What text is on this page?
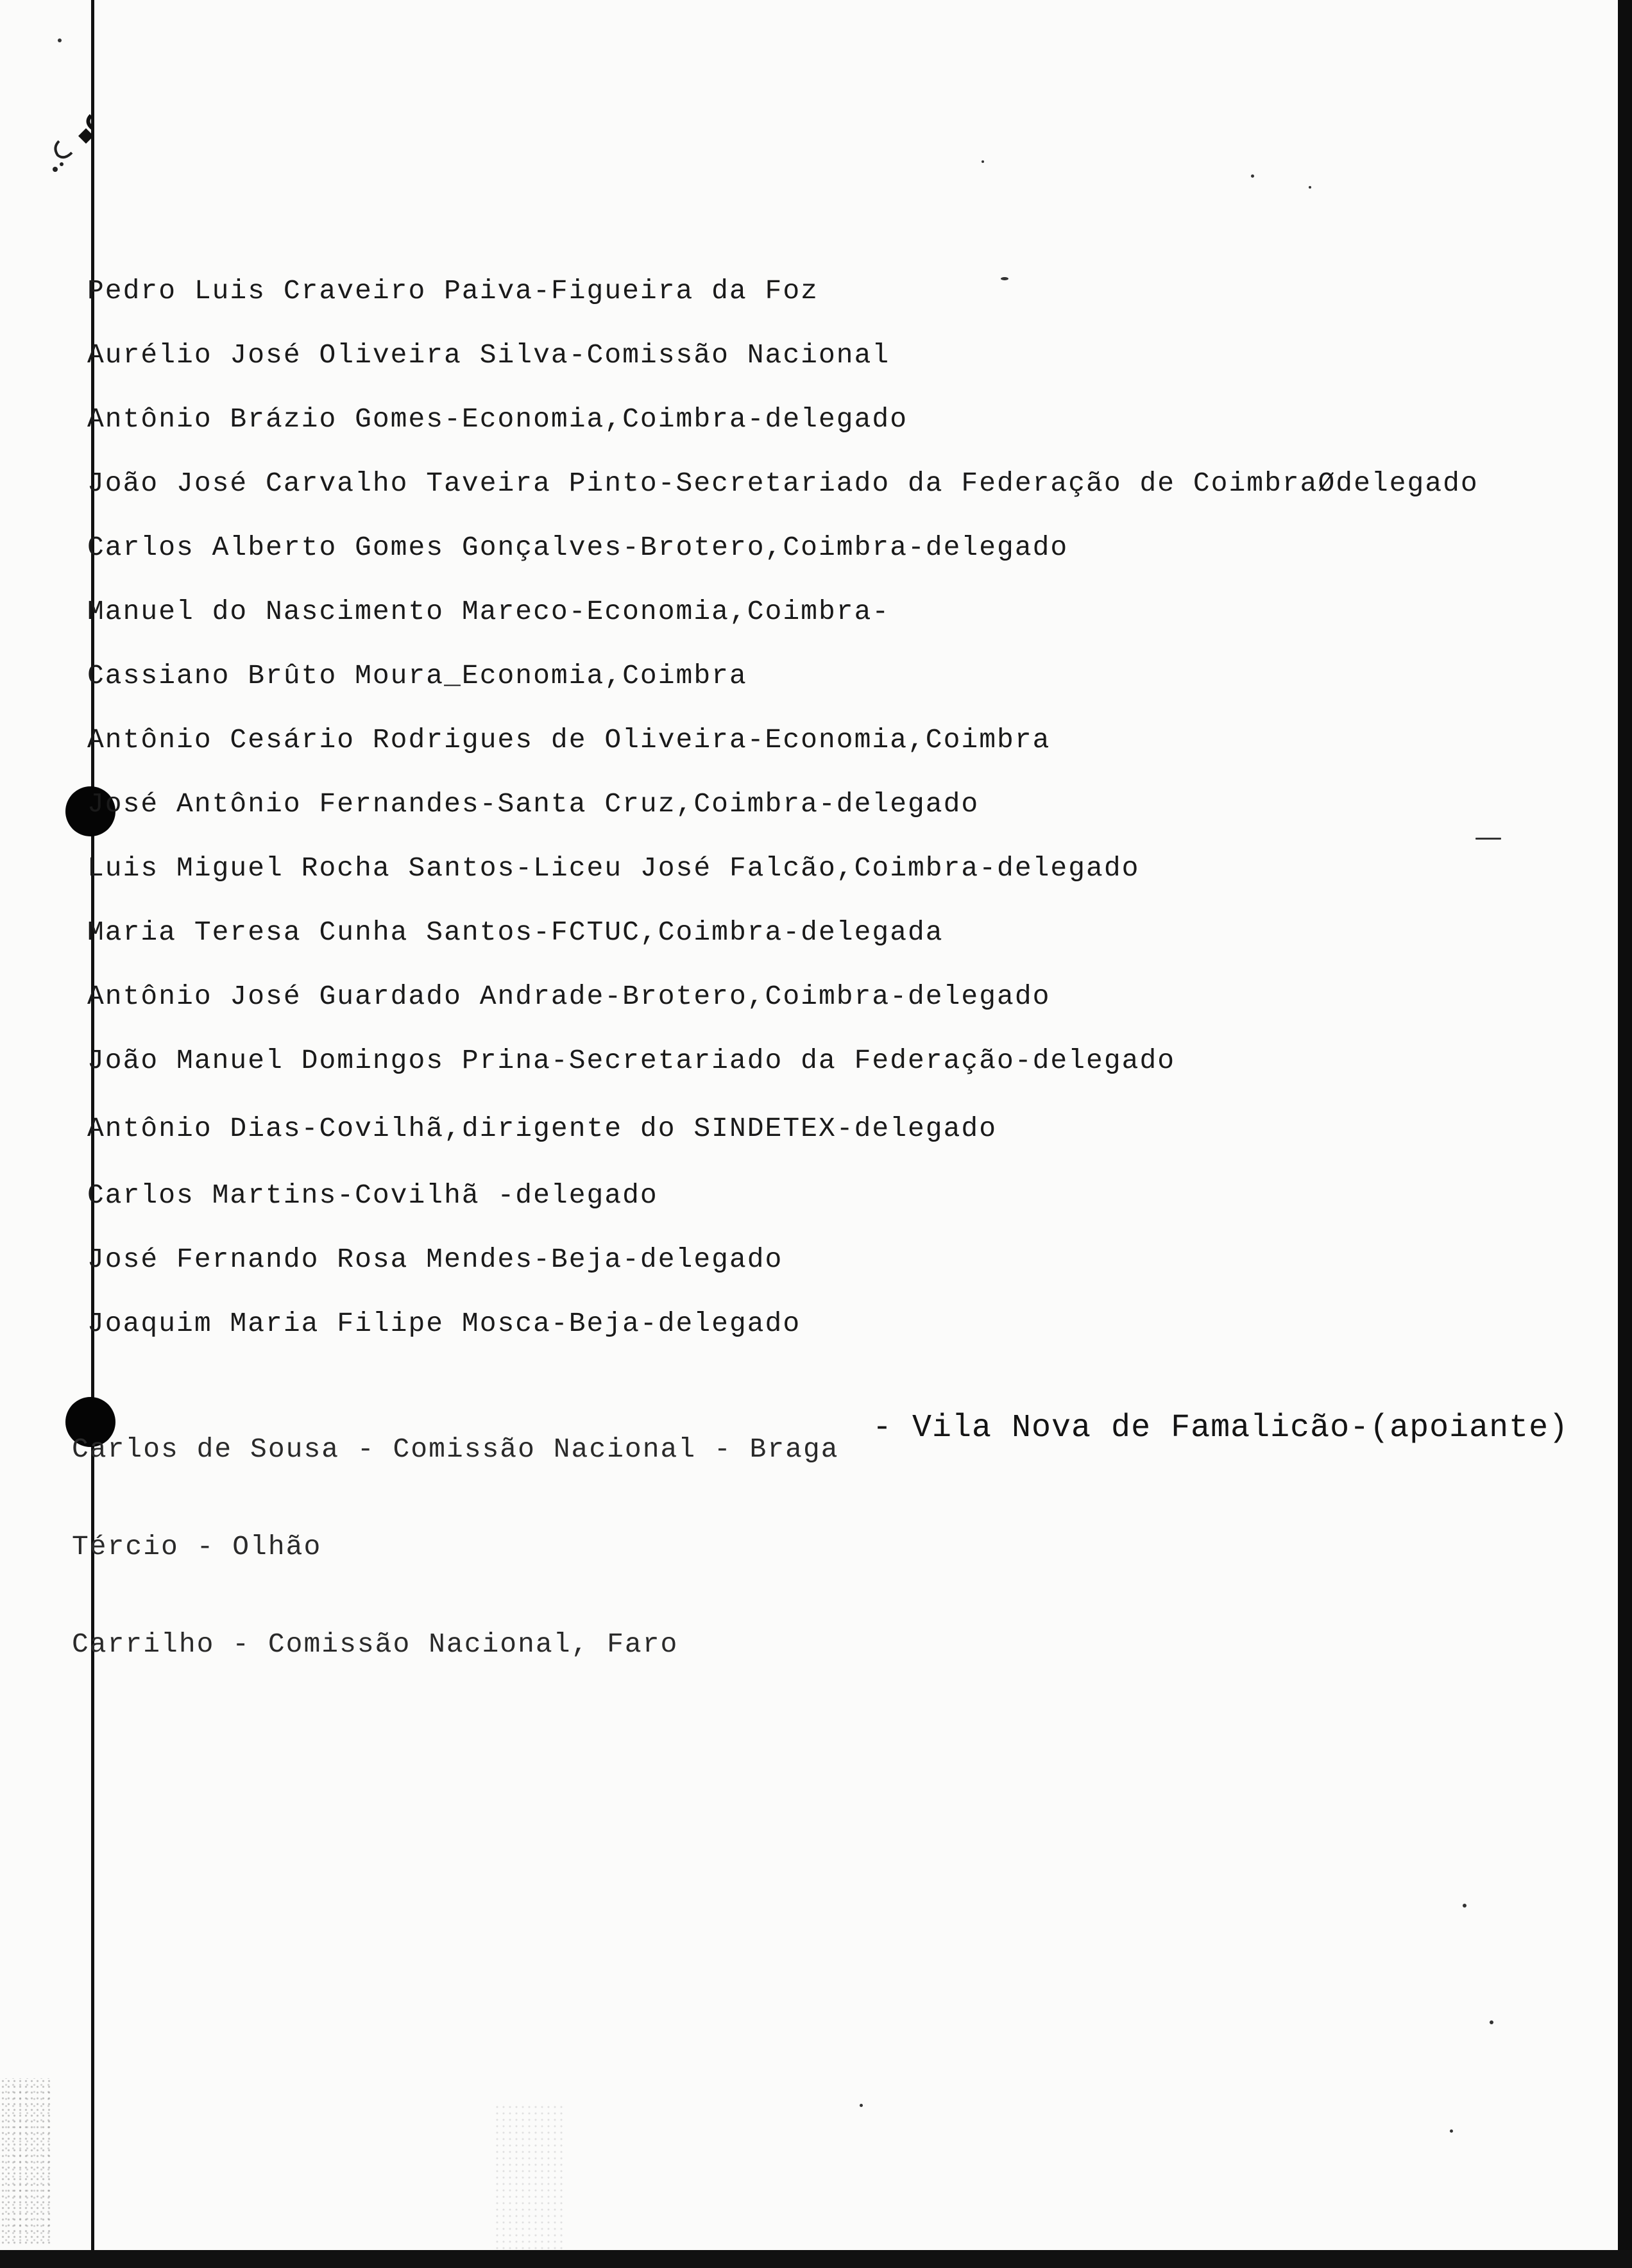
Pedro Luis Craveiro Paiva-Figueira da Foz
Aurélio José Oliveira Silva-Comissão Nacional
Antônio Brázio Gomes-Economia,Coimbra-delegado
João José Carvalho Taveira Pinto-Secretariado da Federação de CoimbraØdelegado
Carlos Alberto Gomes Gonçalves-Brotero,Coimbra-delegado
Manuel do Nascimento Mareco-Economia,Coimbra-
Cassiano Brûto Moura_Economia,Coimbra
Antônio Cesário Rodrigues de Oliveira-Economia,Coimbra
José Antônio Fernandes-Santa Cruz,Coimbra-delegado
Luis Miguel Rocha Santos-Liceu José Falcão,Coimbra-delegado
Maria Teresa Cunha Santos-FCTUC,Coimbra-delegada
Antônio José Guardado Andrade-Brotero,Coimbra-delegado
João Manuel Domingos Prina-Secretariado da Federação-delegado
Antônio Dias-Covilhã,dirigente do SINDETEX-delegado
Carlos Martins-Covilhã -delegado
José Fernando Rosa Mendes-Beja-delegado
Joaquim Maria Filipe Mosca-Beja-delegado
Carlos de Sousa - Comissão Nacional - Braga
Tércio - Olhão
Carrilho - Comissão Nacional, Faro
- Vila Nova de Famalicão-(apoiante)
